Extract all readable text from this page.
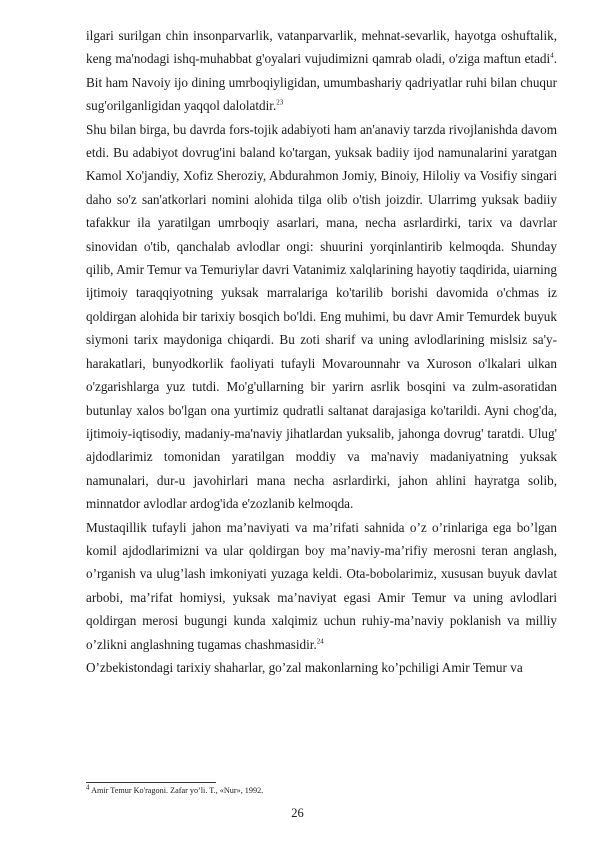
ilgari surilgan chin insonparvarlik, vatanparvarlik, mehnat-sevarlik, hayotga oshuftalik, keng ma'nodagi ishq-muhabbat g'oyalari vujudimizni qamrab oladi, o'ziga maftun etadi$^4$. Bit ham Navoiy ijo dining umrboqiyligidan, umumbashariy qadriyatlar ruhi bilan chuqur sug'orilganligidan yaqqol dalolatdir.$^{23}$

Shu bilan birga, bu davrda fors-tojik adabiyoti ham an'anaviy tarzda rivojlanishda davom etdi. Bu adabiyot dovrug'ini baland ko'targan, yuksak badiiy ijod namunalarini yaratgan Kamol Xo'jandiy, Xofiz Sheroziy, Abdurahmon Jomiy, Binoiy, Hiloliy va Vosifiy singari daho so'z san'atkorlari nomini alohida tilga olib o'tish joizdir. Ularrimg yuksak badiiy tafakkur ila yaratilgan umrboqiy asarlari, mana, necha asrlardirki, tarix va davrlar sinovidan o'tib, qanchalab avlodlar ongi: shuurini yorqinlantirib kelmoqda. Shunday qilib, Amir Temur va Temuriylar davri Vatanimiz xalqlarining hayotiy taqdirida, uiarning ijtimoiy taraqqiyotning yuksak marralariga ko'tarilib borishi davomida o'chmas iz qoldirgan alohida bir tarixiy bosqich bo'ldi. Eng muhimi, bu davr Amir Temurdek buyuk siymoni tarix maydoniga chiqardi. Bu zoti sharif va uning avlodlarining mislsiz sa'y-harakatlari, bunyodkorlik faoliyati tufayli Movarounnahr va Xuroson o'lkalari ulkan o'zgarishlarga yuz tutdi. Mo'g'ullarning bir yarirn asrlik bosqini va zulm-asoratidan butunlay xalos bo'lgan ona yurtimiz qudratli saltanat darajasiga ko'tarildi. Ayni chog'da, ijtimoiy-iqtisodiy, madaniy-ma'naviy jihatlardan yuksalib, jahonga dovrug' taratdi. Ulug' ajdodlarimiz tomonidan yaratilgan moddiy va ma'naviy madaniyatning yuksak namunalari, dur-u javohirlari mana necha asrlardirki, jahon ahlini hayratga solib, minnatdor avlodlar ardog'ida e'zozlanib kelmoqda.

Mustaqillik tufayli jahon ma’naviyati va ma’rifati sahnida o’z o’rinlariga ega bo’lgan komil ajdodlarimizni va ular qoldirgan boy ma’naviy-ma’rifiy merosni teran anglash, o’rganish va ulug’lash imkoniyati yuzaga keldi. Ota-bobolarimiz, xususan buyuk davlat arbobi, ma’rifat homiysi, yuksak ma’naviyat egasi Amir Temur va uning avlodlari qoldirgan merosi bugungi kunda xalqimiz uchun ruhiy-ma’naviy poklanish va milliy o’zlikni anglashning tugamas chashmasidir.$^{24}$

O’zbekistondagi tarixiy shaharlar, go’zal makonlarning ko’pchiligi Amir Temur va

$^4$ Amir Temur Ko'ragoni. Zafar yo’li. T., «Nur», 1992.
26
